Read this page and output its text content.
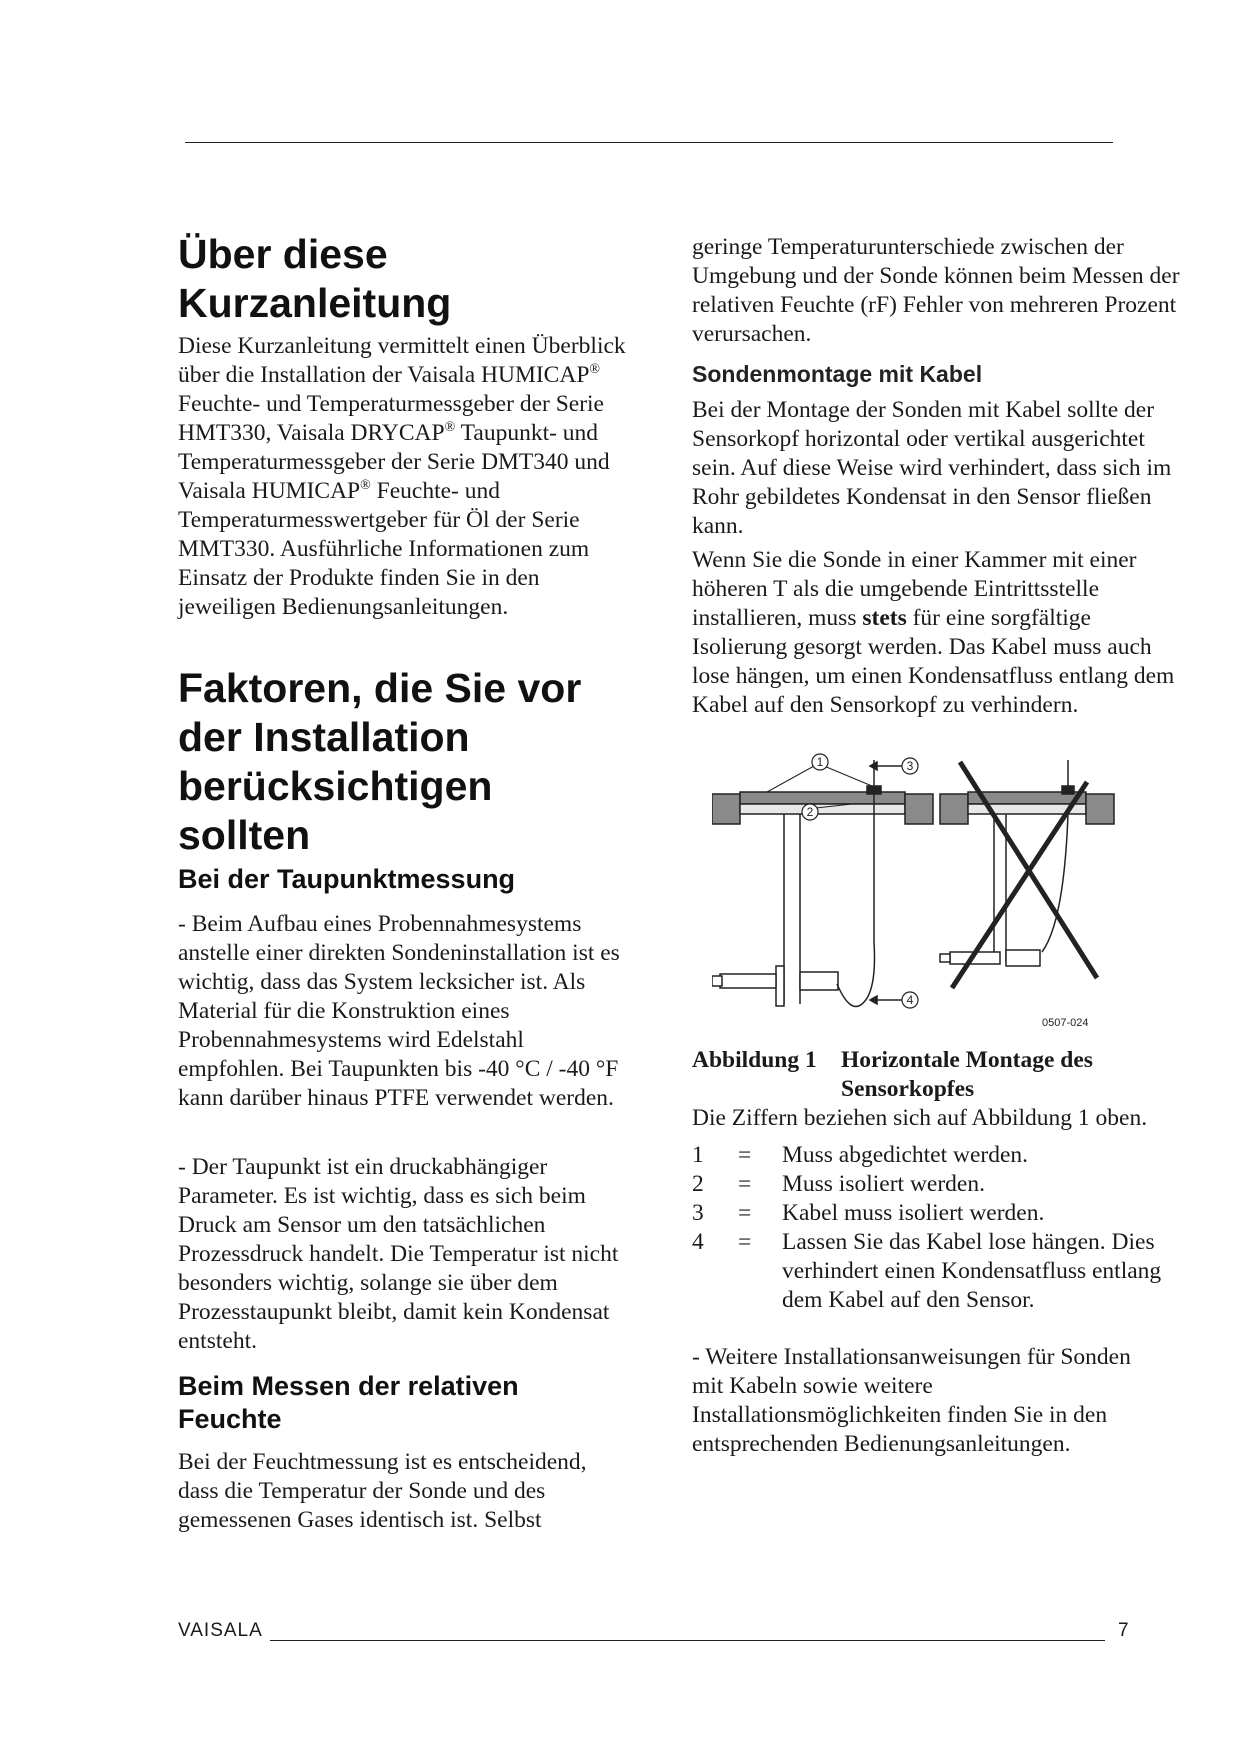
Über diese Kurzanleitung

Diese Kurzanleitung vermittelt einen Überblick über die Installation der Vaisala HUMICAP® Feuchte- und Temperaturmessgeber der Serie HMT330, Vaisala DRYCAP® Taupunkt- und Temperaturmessgeber der Serie DMT340 und Vaisala HUMICAP® Feuchte- und Temperaturmesswertgeber für Öl der Serie MMT330. Ausführliche Informationen zum Einsatz der Produkte finden Sie in den jeweiligen Bedienungsanleitungen.

Faktoren, die Sie vor der Installation berücksichtigen sollten
Bei der Taupunktmessung

- Beim Aufbau eines Probennahmesystems anstelle einer direkten Sondeninstallation ist es wichtig, dass das System lecksicher ist. Als Material für die Konstruktion eines Probennahmesystems wird Edelstahl empfohlen. Bei Taupunkten bis -40 °C / -40 °F kann darüber hinaus PTFE verwendet werden.

- Der Taupunkt ist ein druckabhängiger Parameter. Es ist wichtig, dass es sich beim Druck am Sensor um den tatsächlichen Prozessdruck handelt. Die Temperatur ist nicht besonders wichtig, solange sie über dem Prozesstaupunkt bleibt, damit kein Kondensat entsteht.

Beim Messen der relativen Feuchte

Bei der Feuchtmessung ist es entscheidend, dass die Temperatur der Sonde und des gemessenen Gases identisch ist. Selbst

geringe Temperaturunterschiede zwischen der Umgebung und der Sonde können beim Messen der relativen Feuchte (rF) Fehler von mehreren Prozent verursachen.

Sondenmontage mit Kabel

Bei der Montage der Sonden mit Kabel sollte der Sensorkopf horizontal oder vertikal ausgerichtet sein. Auf diese Weise wird verhindert, dass sich im Rohr gebildetes Kondensat in den Sensor fließen kann.

Wenn Sie die Sonde in einer Kammer mit einer höheren T als die umgebende Eintrittsstelle installieren, muss stets für eine sorgfältige Isolierung gesorgt werden. Das Kabel muss auch lose hängen, um einen Kondensatfluss entlang dem Kabel auf den Sensorkopf zu verhindern.

1
2
3
4
0507-024
Abbildung 1 Horizontale Montage des Sensorkopfes

Die Ziffern beziehen sich auf Abbildung 1 oben.

1 = Muss abgedichtet werden.
2 = Muss isoliert werden.
3 = Kabel muss isoliert werden.
4 = Lassen Sie das Kabel lose hängen. Dies verhindert einen Kondensatfluss entlang dem Kabel auf den Sensor.

- Weitere Installationsanweisungen für Sonden mit Kabeln sowie weitere Installationsmöglichkeiten finden Sie in den entsprechenden Bedienungsanleitungen.

VAISALA	7
